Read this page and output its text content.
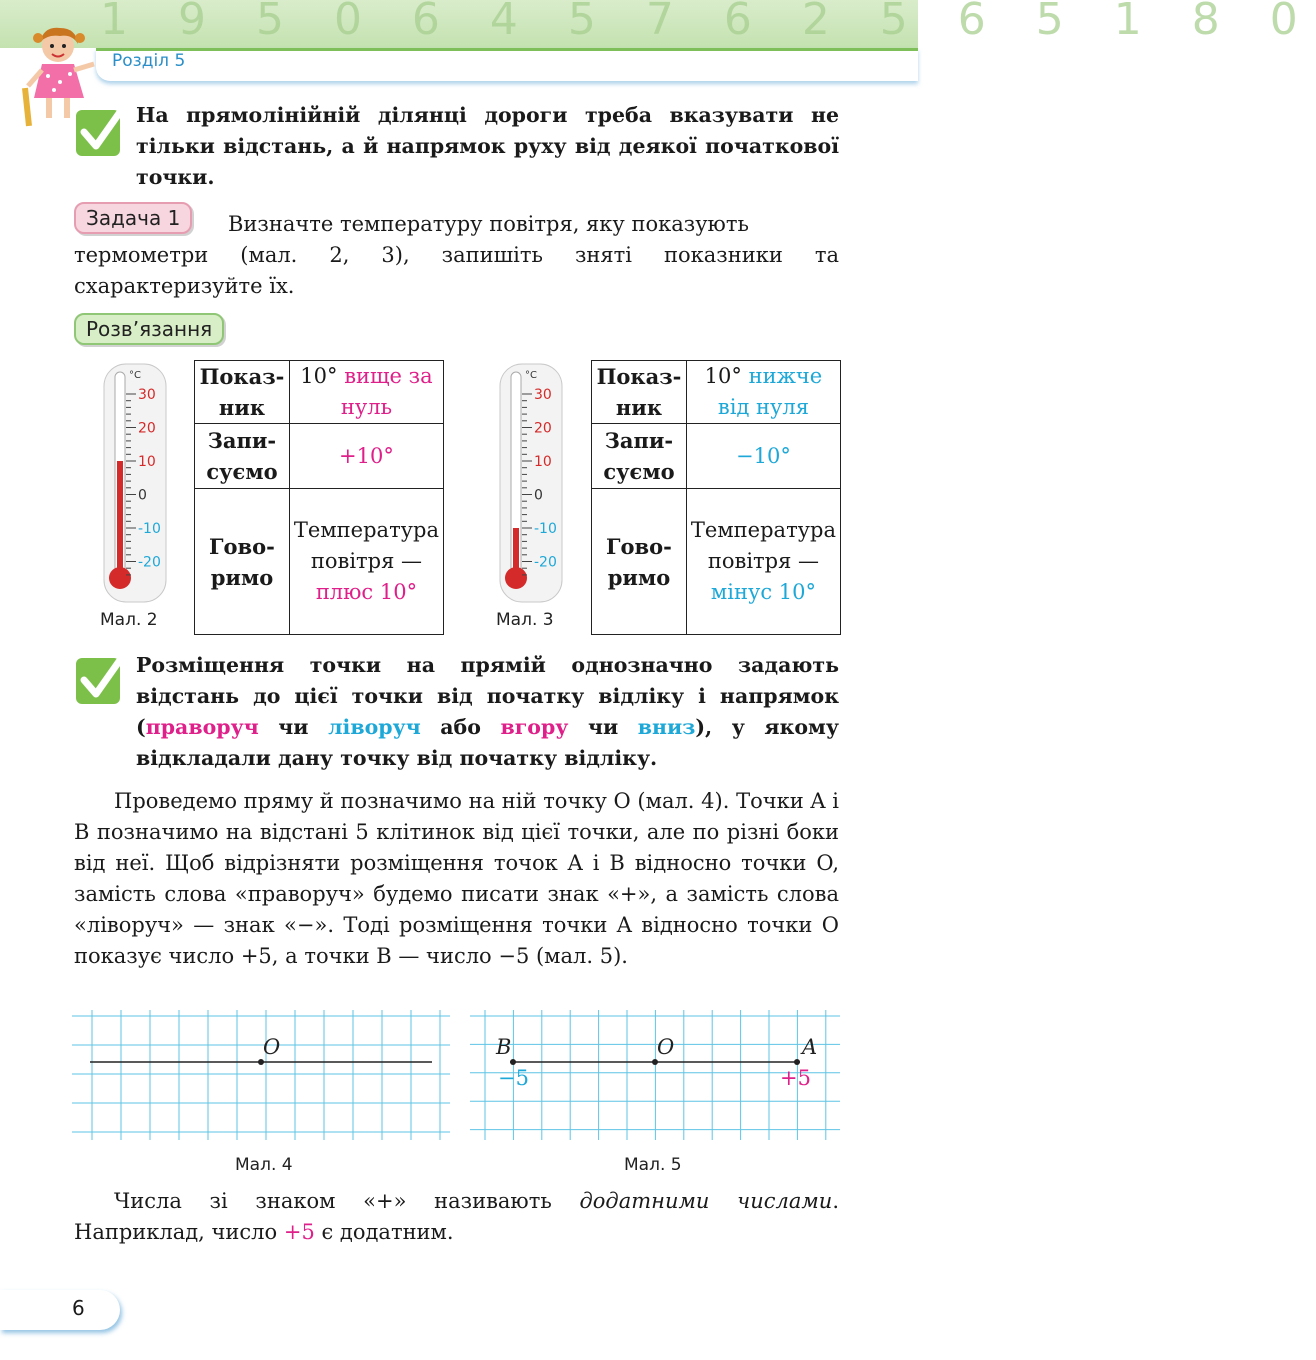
1 9 5 0 6 4 5 7 6 2 5 6 5 1 8 0
Розділ 5
На прямолінійній ділянці дороги треба вказувати не тільки відстань, а й напрямок руху від деякої початкової точки.
Задача 1	Визначте температуру повітря, яку показують
термометри (мал. 2, 3), запишіть зняті показники та схарактеризуйте їх.
Розв’язання
°C
30
20
10
0
-10
-20
Мал. 2
Показ-ник	10° вище за нуль
Запи-суємо	+10°
Гово-римо	Температура повітря — плюс 10°
°C
30
20
10
0
-10
-20
Мал. 3
Показ-ник	10° нижче від нуля
Запи-суємо	−10°
Гово-римо	Температура повітря — мінус 10°
Розміщення точки на прямій однозначно задають відстань до цієї точки від початку відліку і напрямок (праворуч чи ліворуч або вгору чи вниз), у якому відкладали дану точку від початку відліку.
Проведемо пряму й позначимо на ній точку O (мал. 4). Точки A і B позначимо на відстані 5 клітинок від цієї точки, але по різні боки від неї. Щоб відрізняти розміщення точок A і B відносно точки O, замість слова «праворуч» будемо писати знак «+», а замість слова «ліворуч» — знак «−». Тоді розміщення точки A відносно точки O показує число +5, а точки B — число −5 (мал. 5).
O
Мал. 4
B	O	A
−5	+5
Мал. 5
Числа зі знаком «+» називають додатними числами. Наприклад, число +5 є додатним.
6
